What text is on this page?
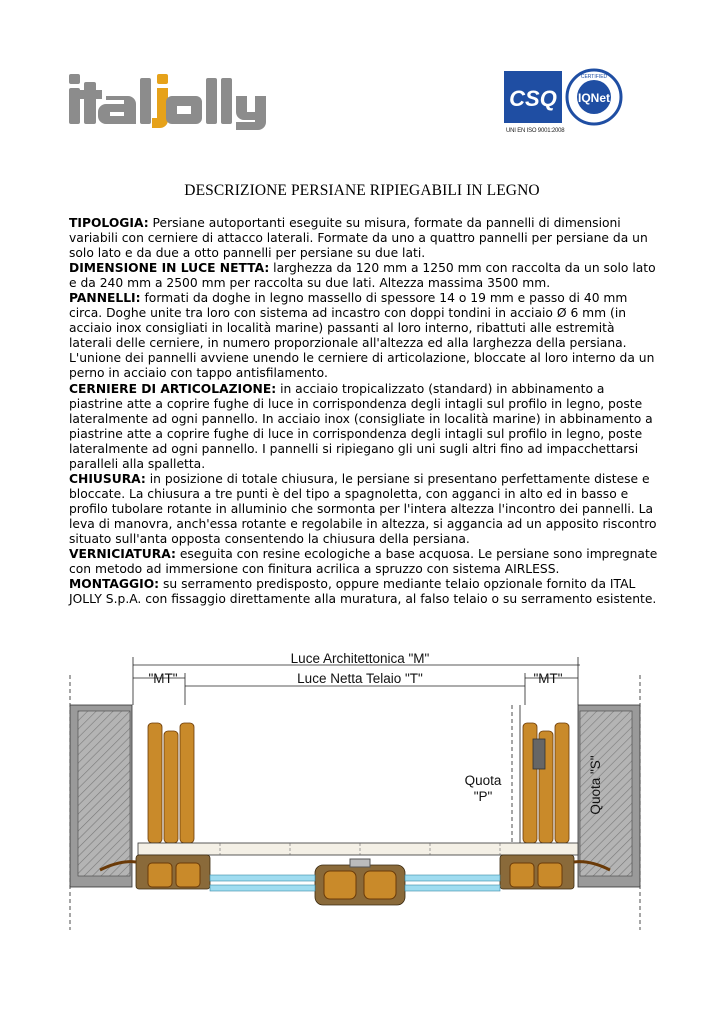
CSQ IQNet
CERTIFIED
UNI EN ISO 9001:2008
DESCRIZIONE PERSIANE RIPIEGABILI IN LEGNO

TIPOLOGIA: Persiane autoportanti eseguite su misura, formate da pannelli di dimensioni variabili con cerniere di attacco laterali. Formate da uno a quattro pannelli per persiane da un solo lato e da due a otto pannelli per persiane su due lati.

DIMENSIONE IN LUCE NETTA: larghezza da 120 mm a 1250 mm con raccolta da un solo lato e da 240 mm a 2500 mm per raccolta su due lati. Altezza massima 3500 mm.

PANNELLI: formati da doghe in legno massello di spessore 14 o 19 mm e passo di 40 mm circa. Doghe unite tra loro con sistema ad incastro con doppi tondini in acciaio Ø 6 mm (in acciaio inox consigliati in località marine) passanti al loro interno, ribattuti alle estremità laterali delle cerniere, in numero proporzionale all'altezza ed alla larghezza della persiana. L'unione dei pannelli avviene unendo le cerniere di articolazione, bloccate al loro interno da un perno in acciaio con tappo antisfilamento.

CERNIERE DI ARTICOLAZIONE: in acciaio tropicalizzato (standard) in abbinamento a piastrine atte a coprire fughe di luce in corrispondenza degli intagli sul profilo in legno, poste lateralmente ad ogni pannello. In acciaio inox (consigliate in località marine) in abbinamento a piastrine atte a coprire fughe di luce in corrispondenza degli intagli sul profilo in legno, poste lateralmente ad ogni pannello. I pannelli si ripiegano gli uni sugli altri fino ad impacchettarsi paralleli alla spalletta.

CHIUSURA: in posizione di totale chiusura, le persiane si presentano perfettamente distese e bloccate. La chiusura a tre punti è del tipo a spagnoletta, con agganci in alto ed in basso e profilo tubolare rotante in alluminio che sormonta per l'intera altezza l'incontro dei pannelli. La leva di manovra, anch'essa rotante e regolabile in altezza, si aggancia ad un apposito riscontro situato sull'anta opposta consentendo la chiusura della persiana.

VERNICIATURA: eseguita con resine ecologiche a base acquosa. Le persiane sono impregnate con metodo ad immersione con finitura acrilica a spruzzo con sistema AIRLESS.

MONTAGGIO: su serramento predisposto, oppure mediante telaio opzionale fornito da ITAL JOLLY S.p.A. con fissaggio direttamente alla muratura, al falso telaio o su serramento esistente.

Luce Architettonica "M"
Luce Netta Telaio "T"
"MT"	"MT"
Quota
"P"	Quota "S"
